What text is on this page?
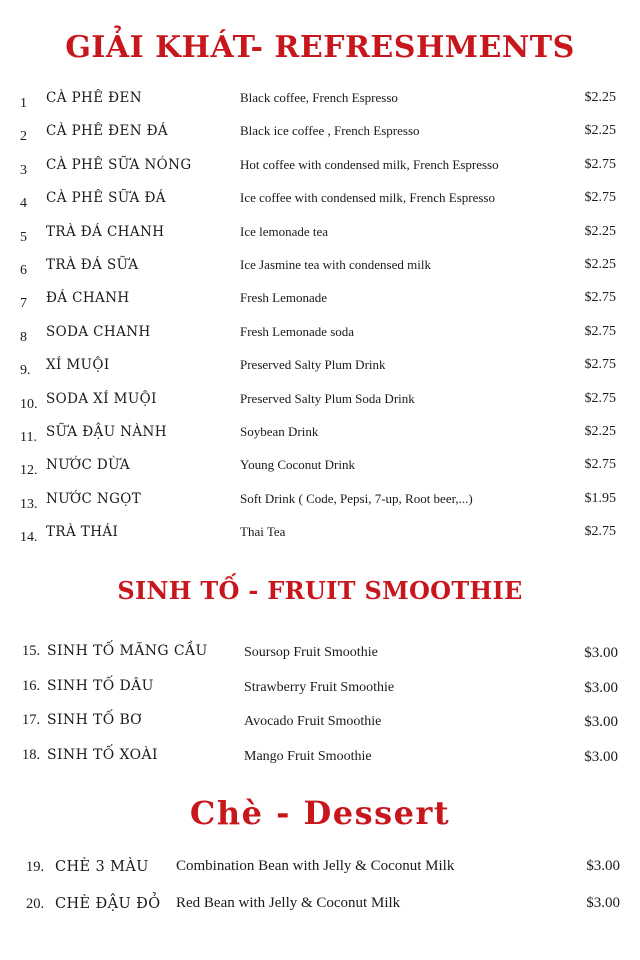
GIẢI KHÁT- REFRESHMENTS
1 CÀ PHÊ ĐEN	Black coffee, French Espresso	$2.25
2 CÀ PHÊ ĐEN ĐÁ	Black ice coffee , French Espresso	$2.25
3 CÀ PHÊ SỮA NÓNG	Hot coffee with condensed milk, French Espresso	$2.75
4 CÀ PHÊ SỮA ĐÁ	Ice coffee with condensed milk, French Espresso	$2.75
5 TRÀ ĐÁ CHANH	Ice lemonade tea	$2.25
6 TRÀ ĐÁ SỮA	Ice Jasmine tea with condensed milk	$2.25
7 ĐÁ CHANH	Fresh Lemonade	$2.75
8 SODA CHANH	Fresh Lemonade soda	$2.75
9. XÍ MUỘI	Preserved Salty Plum Drink	$2.75
10. SODA XÍ MUỘI	Preserved Salty Plum Soda Drink	$2.75
11. SỮA ĐẬU NÀNH	Soybean Drink	$2.25
12. NƯỚC DỪA	Young Coconut Drink	$2.75
13. NƯỚC NGỌT	Soft Drink ( Code, Pepsi, 7-up, Root beer,...)	$1.95
14. TRÀ THÁI	Thai Tea	$2.75
SINH TỐ - FRUIT SMOOTHIE
15. SINH TỐ MÃNG CẦU	Soursop Fruit Smoothie	$3.00
16. SINH TỐ DÂU	Strawberry Fruit Smoothie	$3.00
17. SINH TỐ BƠ	Avocado Fruit Smoothie	$3.00
18. SINH TỐ XOÀI	Mango Fruit Smoothie	$3.00
Chè - Dessert
19. CHÈ 3 MÀU Combination Bean with Jelly & Coconut Milk	$3.00
20. CHÈ ĐẬU ĐỎ Red Bean with Jelly & Coconut Milk	$3.00
